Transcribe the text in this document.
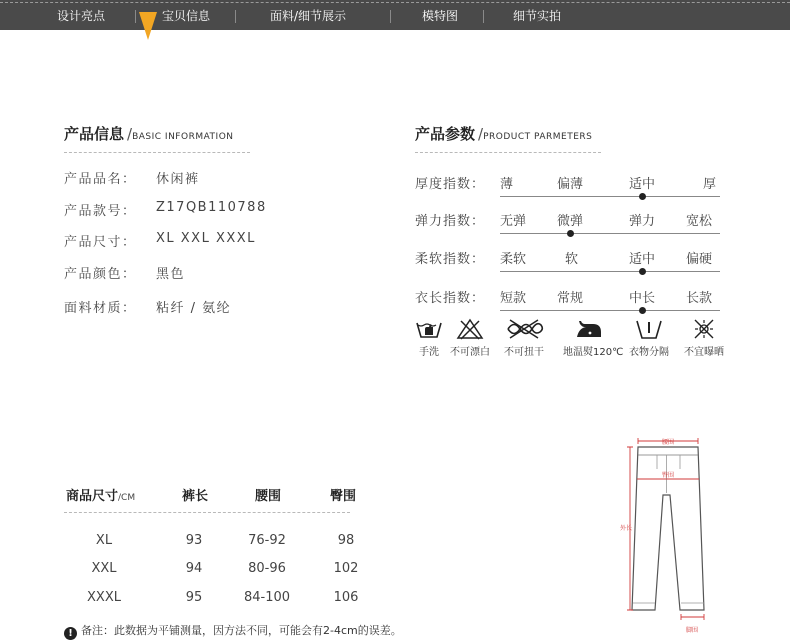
设计亮点	宝贝信息	面料/细节展示	模特图	细节实拍
产品信息 /BASIC INFORMATION
产品品名： 休闲裤
产品款号： Z17QB110788
产品尺寸： XL XXL XXXL
产品颜色： 黑色
面料材质： 粘纤 / 氨纶
产品参数 /PRODUCT PARMETERS
厚度指数： 薄	偏薄	适中	厚
弹力指数： 无弹 微弹	弹力 宽松
柔软指数： 柔软	软	适中 偏硬
衣长指数： 短款 常规	中长 长款
手洗	不可漂白 不可扭干 地温熨120℃ 衣物分隔 不宜曝晒
商品尺寸/CM	裤长	腰围	臀围
XL	93	76-92	98
XXL	94	80-96	102
XXXL	95	84-100	106
腰围
臀围
外长
脚围
! 备注：此数据为平铺测量，因方法不同，可能会有2-4cm的误差。
